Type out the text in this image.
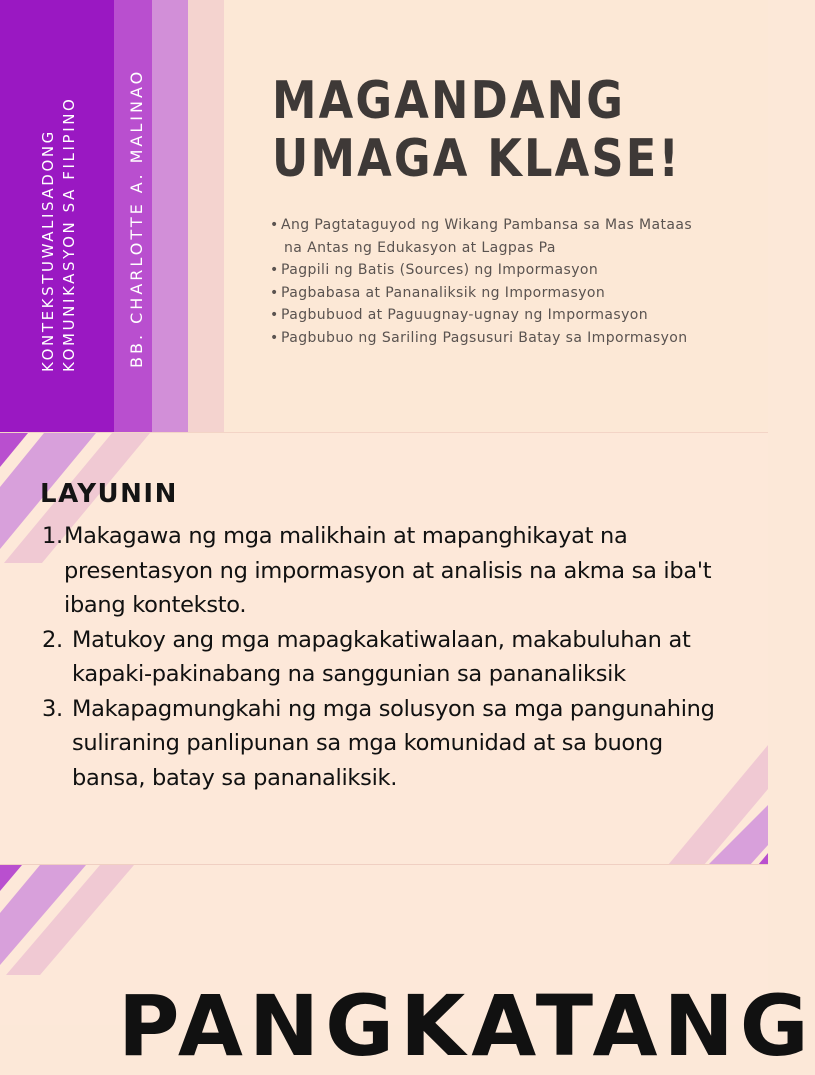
KONTEKSTUWALISADONG KOMUNIKASYON SA FILIPINO	BB. CHARLOTTE A. MALINAO MAGANDANG
UMAGA KLASE!
• Ang Pagtataguyod ng Wikang Pambansa sa Mas Mataas na Antas ng Edukasyon at Lagpas Pa
• Pagpili ng Batis (Sources) ng Impormasyon
• Pagbabasa at Pananaliksik ng Impormasyon
• Pagbubuod at Paguugnay-ugnay ng Impormasyon
• Pagbubuo ng Sariling Pagsusuri Batay sa Impormasyon
LAYUNIN
1. Makagawa ng mga malikhain at mapanghikayat na presentasyon ng impormasyon at analisis na akma sa iba't ibang konteksto.
2. Matukoy ang mga mapagkakatiwalaan, makabuluhan at kapaki-pakinabang na sanggunian sa pananaliksik
3. Makapagmungkahi ng mga solusyon sa mga pangunahing suliraning panlipunan sa mga komunidad at sa buong bansa, batay sa pananaliksik.
PANGKATANG
